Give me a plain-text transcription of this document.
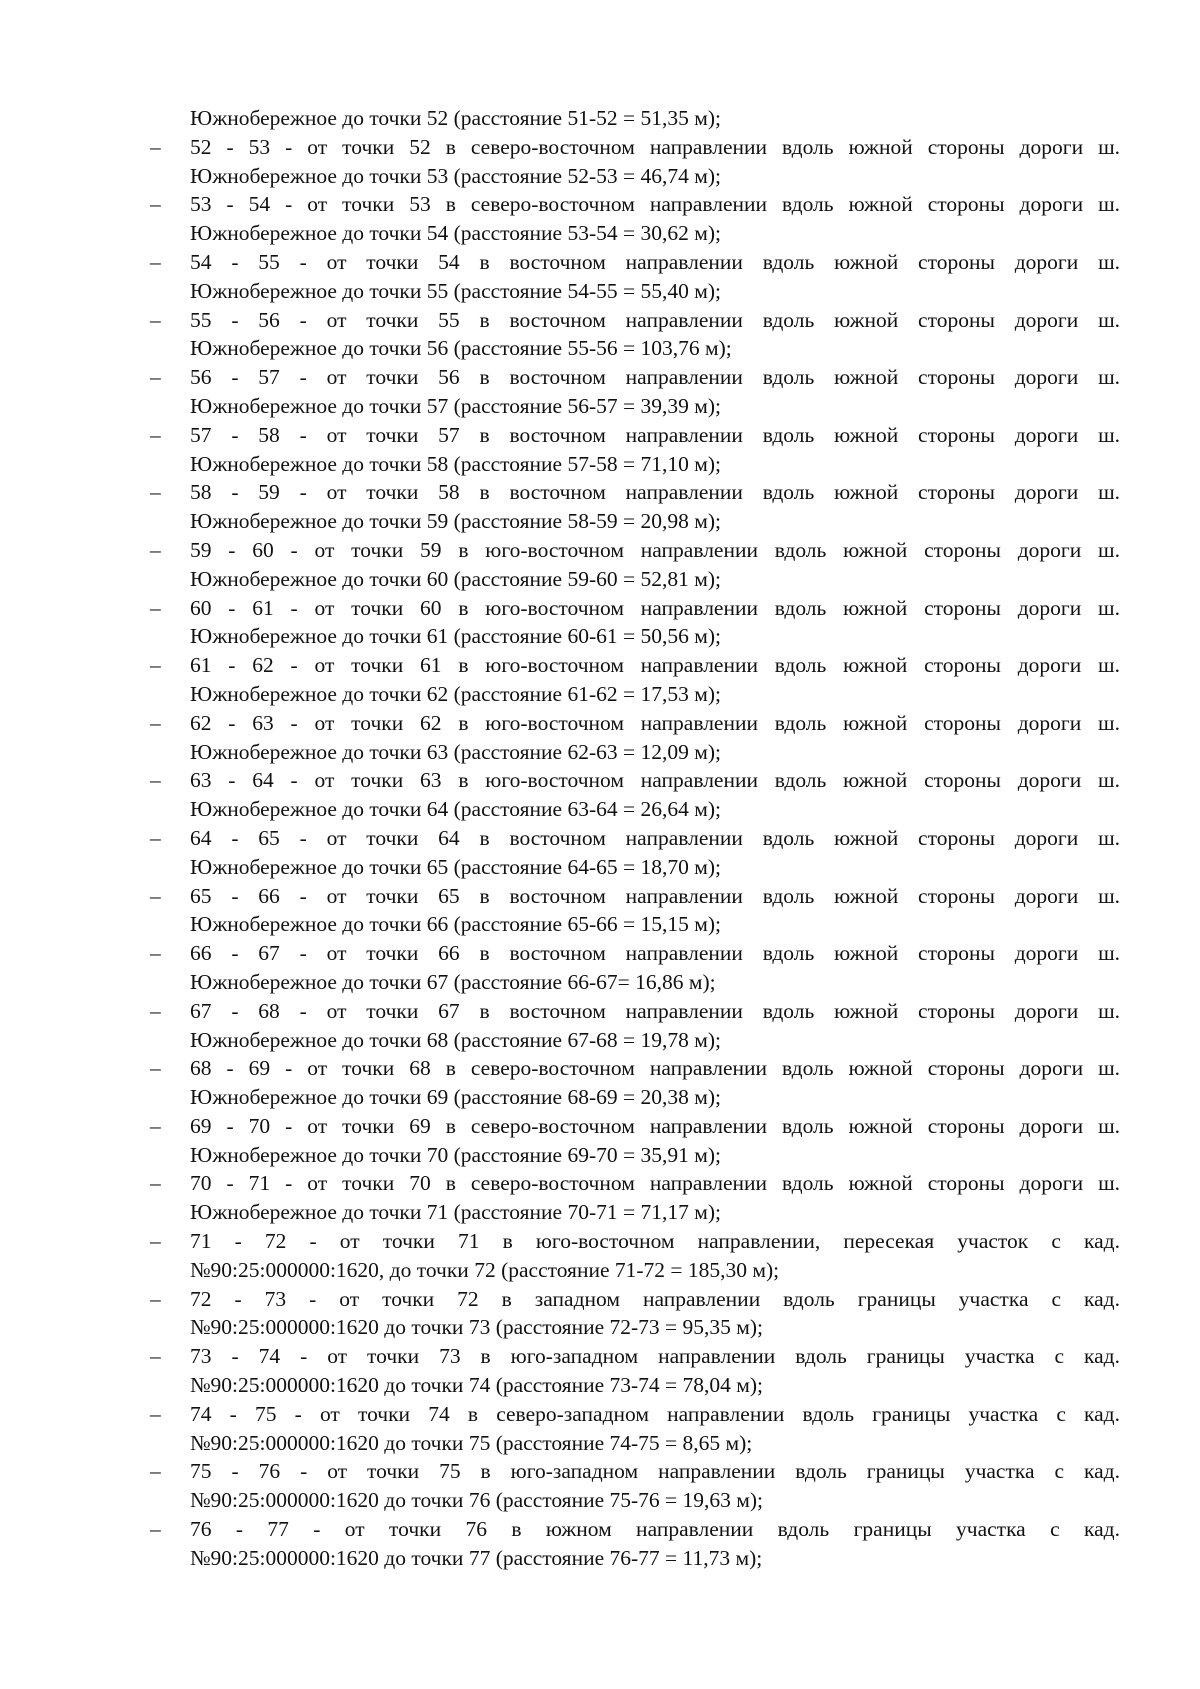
Южнобережное до точки 52 (расстояние 51-52 = 51,35 м);
–	52 - 53 - от точки 52 в северо-восточном направлении вдоль южной стороны дороги ш.
Южнобережное до точки 53 (расстояние 52-53 = 46,74 м);
–	53 - 54 - от точки 53 в северо-восточном направлении вдоль южной стороны дороги ш.
Южнобережное до точки 54 (расстояние 53-54 = 30,62 м);
–	54 - 55 - от точки 54 в восточном направлении вдоль южной стороны дороги ш.
Южнобережное до точки 55 (расстояние 54-55 = 55,40 м);
–	55 - 56 - от точки 55 в восточном направлении вдоль южной стороны дороги ш.
Южнобережное до точки 56 (расстояние 55-56 = 103,76 м);
–	56 - 57 - от точки 56 в восточном направлении вдоль южной стороны дороги ш.
Южнобережное до точки 57 (расстояние 56-57 = 39,39 м);
–	57 - 58 - от точки 57 в восточном направлении вдоль южной стороны дороги ш.
Южнобережное до точки 58 (расстояние 57-58 = 71,10 м);
–	58 - 59 - от точки 58 в восточном направлении вдоль южной стороны дороги ш.
Южнобережное до точки 59 (расстояние 58-59 = 20,98 м);
–	59 - 60 - от точки 59 в юго-восточном направлении вдоль южной стороны дороги ш.
Южнобережное до точки 60 (расстояние 59-60 = 52,81 м);
–	60 - 61 - от точки 60 в юго-восточном направлении вдоль южной стороны дороги ш.
Южнобережное до точки 61 (расстояние 60-61 = 50,56 м);
–	61 - 62 - от точки 61 в юго-восточном направлении вдоль южной стороны дороги ш.
Южнобережное до точки 62 (расстояние 61-62 = 17,53 м);
–	62 - 63 - от точки 62 в юго-восточном направлении вдоль южной стороны дороги ш.
Южнобережное до точки 63 (расстояние 62-63 = 12,09 м);
–	63 - 64 - от точки 63 в юго-восточном направлении вдоль южной стороны дороги ш.
Южнобережное до точки 64 (расстояние 63-64 = 26,64 м);
–	64 - 65 - от точки 64 в восточном направлении вдоль южной стороны дороги ш.
Южнобережное до точки 65 (расстояние 64-65 = 18,70 м);
–	65 - 66 - от точки 65 в восточном направлении вдоль южной стороны дороги ш.
Южнобережное до точки 66 (расстояние 65-66 = 15,15 м);
–	66 - 67 - от точки 66 в восточном направлении вдоль южной стороны дороги ш.
Южнобережное до точки 67 (расстояние 66-67= 16,86 м);
–	67 - 68 - от точки 67 в восточном направлении вдоль южной стороны дороги ш.
Южнобережное до точки 68 (расстояние 67-68 = 19,78 м);
–	68 - 69 - от точки 68 в северо-восточном направлении вдоль южной стороны дороги ш.
Южнобережное до точки 69 (расстояние 68-69 = 20,38 м);
–	69 - 70 - от точки 69 в северо-восточном направлении вдоль южной стороны дороги ш.
Южнобережное до точки 70 (расстояние 69-70 = 35,91 м);
–	70 - 71 - от точки 70 в северо-восточном направлении вдоль южной стороны дороги ш.
Южнобережное до точки 71 (расстояние 70-71 = 71,17 м);
–	71 - 72 - от точки 71 в юго-восточном направлении, пересекая участок с кад.
№90:25:000000:1620, до точки 72 (расстояние 71-72 = 185,30 м);
–	72 - 73 - от точки 72 в западном направлении вдоль границы участка с кад.
№90:25:000000:1620 до точки 73 (расстояние 72-73 = 95,35 м);
–	73 - 74 - от точки 73 в юго-западном направлении вдоль границы участка с кад.
№90:25:000000:1620 до точки 74 (расстояние 73-74 = 78,04 м);
–	74 - 75 - от точки 74 в северо-западном направлении вдоль границы участка с кад.
№90:25:000000:1620 до точки 75 (расстояние 74-75 = 8,65 м);
–	75 - 76 - от точки 75 в юго-западном направлении вдоль границы участка с кад.
№90:25:000000:1620 до точки 76 (расстояние 75-76 = 19,63 м);
–	76 - 77 - от точки 76 в южном направлении вдоль границы участка с кад.
№90:25:000000:1620 до точки 77 (расстояние 76-77 = 11,73 м);
